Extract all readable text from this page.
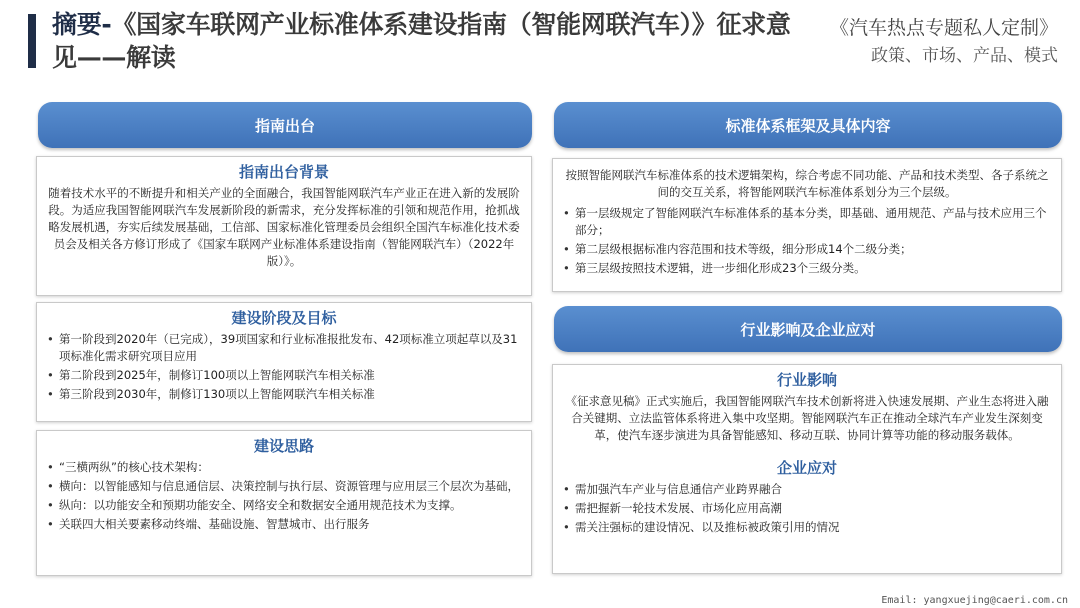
摘要-《国家车联网产业标准体系建设指南（智能网联汽车）》征求意见——解读
《汽车热点专题私人定制》
政策、市场、产品、模式
指南出台
指南出台背景

随着技术水平的不断提升和相关产业的全面融合，我国智能网联汽车产业正在进入新的发展阶段。为适应我国智能网联汽车发展新阶段的新需求，充分发挥标准的引领和规范作用，抢抓战略发展机遇，夯实后续发展基础，工信部、国家标准化管理委员会组织全国汽车标准化技术委员会及相关各方修订形成了《国家车联网产业标准体系建设指南（智能网联汽车）（2022年版）》。

建设阶段及目标
• 第一阶段到2020年（已完成），39项国家和行业标准报批发布、42项标准立项起草以及31项标准化需求研究项目应用
• 第二阶段到2025年，制修订100项以上智能网联汽车相关标准
• 第三阶段到2030年，制修订130项以上智能网联汽车相关标准
建设思路
• “三横两纵”的核心技术架构：
• 横向：以智能感知与信息通信层、决策控制与执行层、资源管理与应用层三个层次为基础，
• 纵向：以功能安全和预期功能安全、网络安全和数据安全通用规范技术为支撑。
• 关联四大相关要素移动终端、基础设施、智慧城市、出行服务
标准体系框架及具体内容

按照智能网联汽车标准体系的技术逻辑架构，综合考虑不同功能、产品和技术类型、各子系统之间的交互关系，将智能网联汽车标准体系划分为三个层级。

• 第一层级规定了智能网联汽车标准体系的基本分类，即基础、通用规范、产品与技术应用三个部分；
• 第二层级根据标准内容范围和技术等级，细分形成14个二级分类；
• 第三层级按照技术逻辑，进一步细化形成23个三级分类。
行业影响及企业应对
行业影响

《征求意见稿》正式实施后，我国智能网联汽车技术创新将进入快速发展期、产业生态将进入融合关键期、立法监管体系将进入集中攻坚期。智能网联汽车正在推动全球汽车产业发生深刻变革，使汽车逐步演进为具备智能感知、移动互联、协同计算等功能的移动服务载体。

企业应对
• 需加强汽车产业与信息通信产业跨界融合
• 需把握新一轮技术发展、市场化应用高潮
• 需关注强标的建设情况、以及推标被政策引用的情况
Email: yangxuejing@caeri.com.cn
